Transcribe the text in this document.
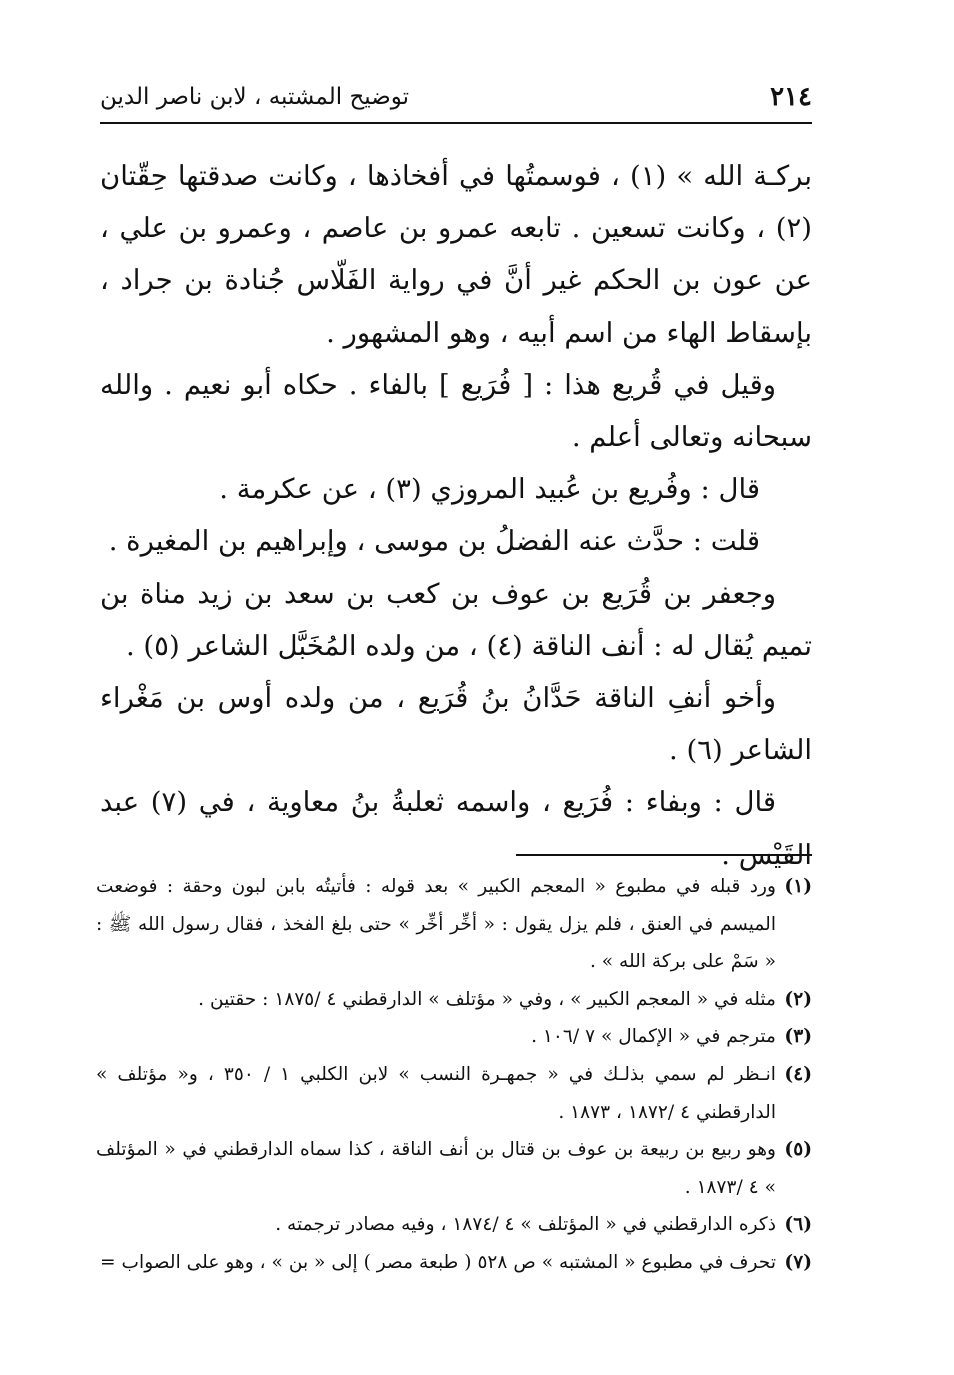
٢١٤
توضيح المشتبه ، لابن ناصر الدين

بركـة الله » (١) ، فوسمتُها في أفخاذها ، وكانت صدقتها حِقّتان (٢) ، وكانت تسعين . تابعه عمرو بن عاصم ، وعمرو بن علي ، عن عون بن الحكم غير أنَّ في رواية الفَلّاس جُنادة بن جراد ، بإسقاط الهاء من اسم أبيه ، وهو المشهور .

وقيل في قُريع هذا : [ فُرَيع ] بالفاء . حكاه أبو نعيم . والله سبحانه وتعالى أعلم .

قال : وفُريع بن عُبيد المروزي (٣) ، عن عكرمة .

قلت : حدَّث عنه الفضلُ بن موسى ، وإبراهيم بن المغيرة .

وجعفر بن قُرَيع بن عوف بن كعب بن سعد بن زيد مناة بن تميم يُقال له : أنف الناقة (٤) ، من ولده المُخَبَّل الشاعر (٥) .

وأخو أنفِ الناقة حَدَّانُ بنُ قُرَيع ، من ولده أوس بن مَغْراء الشاعر (٦) .

قال : وبفاء : فُرَيع ، واسمه ثعلبةُ بنُ معاوية ، في (٧) عبد القَيْس .

(١)

ورد قبله في مطبوع « المعجم الكبير » بعد قوله : فأتيتُه بابن لبون وحقة : فوضعت الميسم في العنق ، فلم يزل يقول : « أخِّر أخِّر » حتى بلغ الفخذ ، فقال رسول الله ﷺ : « سَمْ على بركة الله » .

(٢)

مثله في « المعجم الكبير » ، وفي « مؤتلف » الدارقطني ٤ /١٨٧٥ : حقتين .

(٣)

مترجم في « الإكمال » ٧ /١٠٦ .

(٤)

انـظر لم سمي بذلـك في « جمهـرة النسب » لابن الكلبي ١ / ٣٥٠ ، و« مؤتلف » الدارقطني ٤ /١٨٧٢ ، ١٨٧٣ .

(٥)

وهو ربيع بن ربيعة بن عوف بن قتال بن أنف الناقة ، كذا سماه الدارقطني في « المؤتلف » ٤ /١٨٧٣ .

(٦)

ذكره الدارقطني في « المؤتلف » ٤ /١٨٧٤ ، وفيه مصادر ترجمته .

(٧)

تحرف في مطبوع « المشتبه » ص ٥٢٨ ( طبعة مصر ) إلى « بن » ، وهو على الصواب =
